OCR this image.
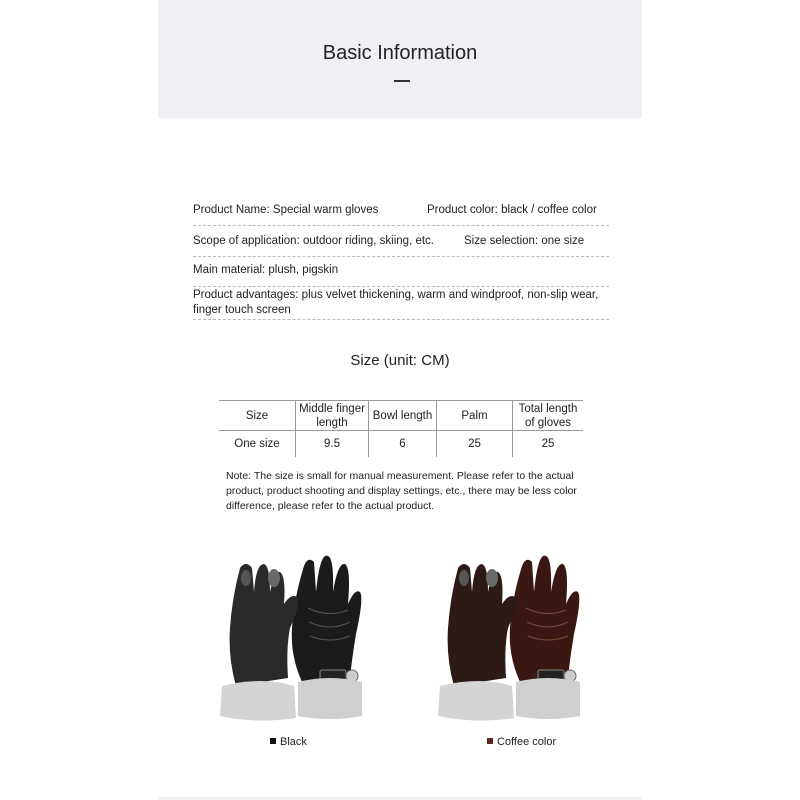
Basic Information
Product Name: Special warm gloves	Product color: black / coffee color
Scope of application: outdoor riding, skiing, etc.	Size selection: one size
Main material: plush, pigskin
Product advantages: plus velvet thickening, warm and windproof, non-slip wear,
finger touch screen
Size (unit: CM)
Size	Middle finger length	Bowl length	Palm	Total length of gloves
One size	9.5	6	25	25
Note: The size is small for manual measurement. Please refer to the actual product, product shooting and display settings, etc., there may be less color difference, please refer to the actual product.
Black	Coffee color
